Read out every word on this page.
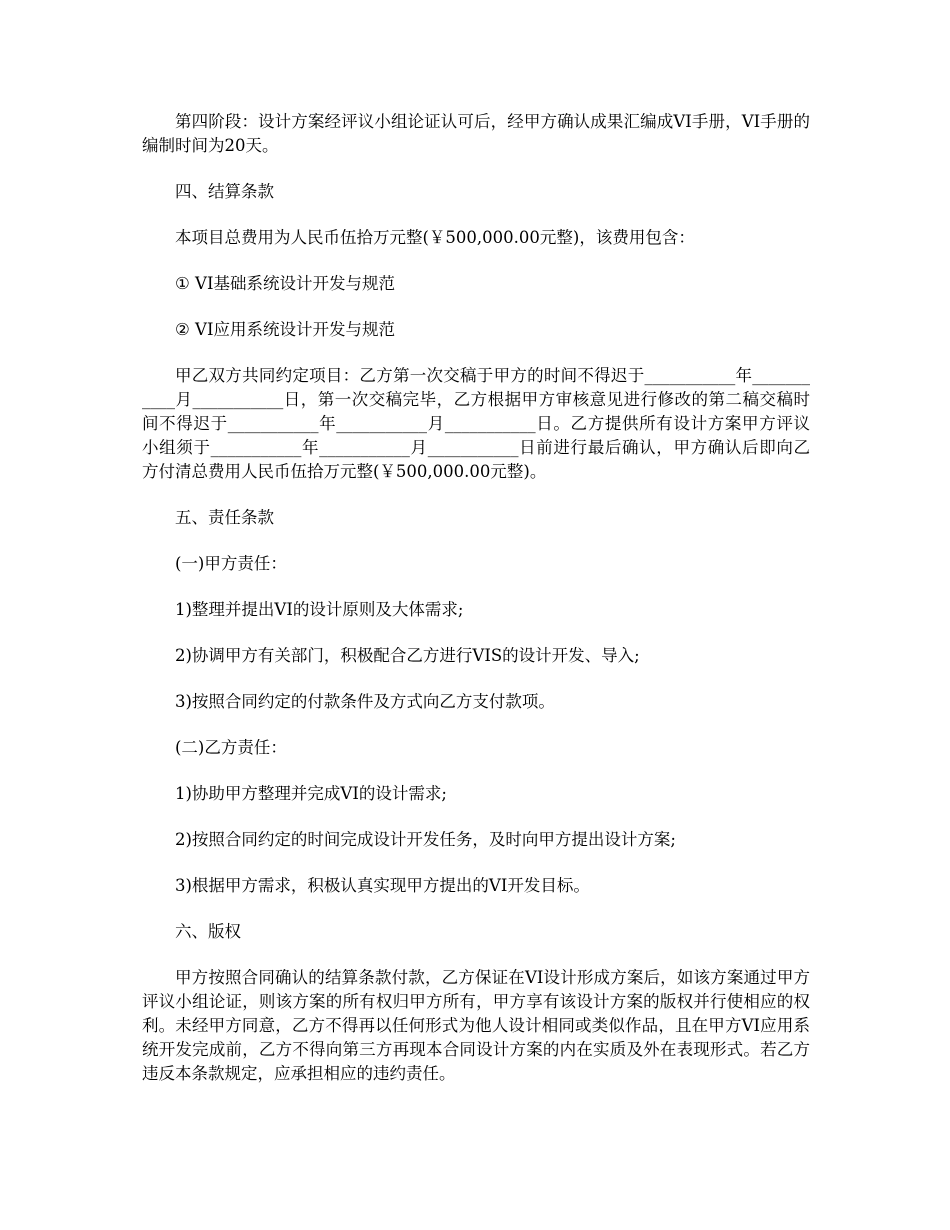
第四阶段：设计方案经评议小组论证认可后，经甲方确认成果汇编成VI手册，VI手册的编制时间为20天。

四、结算条款

本项目总费用为人民币伍拾万元整(￥500,000.00元整)，该费用包含：

① VI基础系统设计开发与规范

② VI应用系统设计开发与规范

甲乙双方共同约定项目：乙方第一次交稿于甲方的时间不得迟于___________年___________月___________日，第一次交稿完毕，乙方根据甲方审核意见进行修改的第二稿交稿时间不得迟于___________年___________月___________日。乙方提供所有设计方案甲方评议小组须于___________年___________月___________日前进行最后确认，甲方确认后即向乙方付清总费用人民币伍拾万元整(￥500,000.00元整)。

五、责任条款

(一)甲方责任：

1)整理并提出VI的设计原则及大体需求;

2)协调甲方有关部门，积极配合乙方进行VIS的设计开发、导入;

3)按照合同约定的付款条件及方式向乙方支付款项。

(二)乙方责任：

1)协助甲方整理并完成VI的设计需求;

2)按照合同约定的时间完成设计开发任务，及时向甲方提出设计方案;

3)根据甲方需求，积极认真实现甲方提出的VI开发目标。

六、版权

甲方按照合同确认的结算条款付款，乙方保证在VI设计形成方案后，如该方案通过甲方评议小组论证，则该方案的所有权归甲方所有，甲方享有该设计方案的版权并行使相应的权利。未经甲方同意，乙方不得再以任何形式为他人设计相同或类似作品，且在甲方VI应用系统开发完成前，乙方不得向第三方再现本合同设计方案的内在实质及外在表现形式。若乙方违反本条款规定，应承担相应的违约责任。
